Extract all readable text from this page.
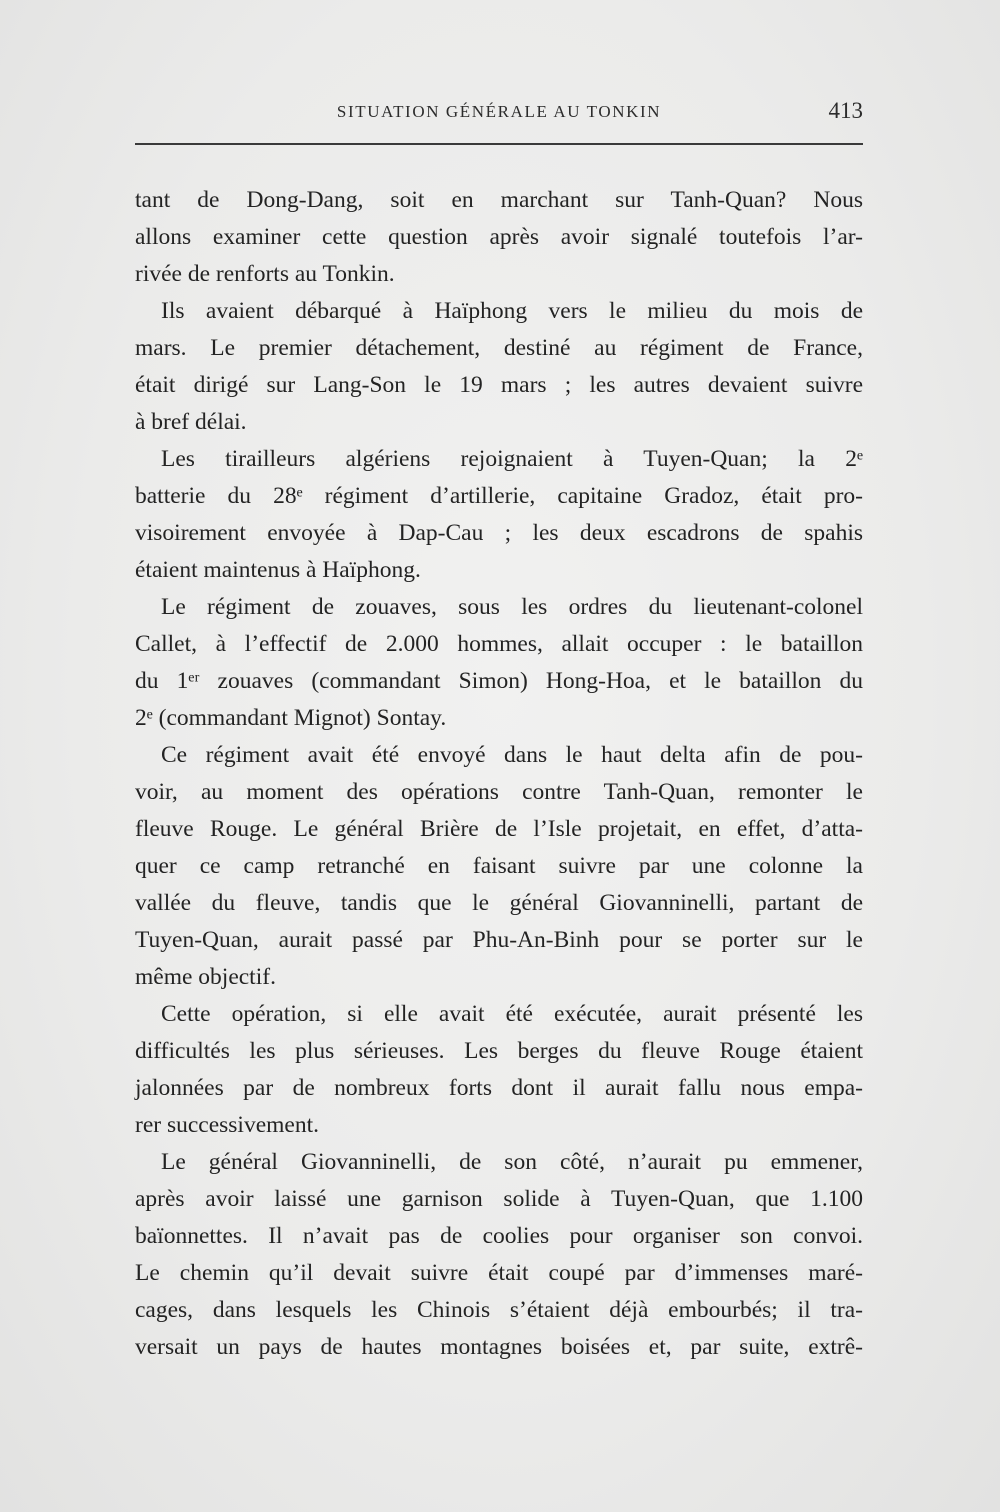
SITUATION GÉNÉRALE AU TONKIN	413
tant de Dong-Dang, soit en marchant sur Tanh-Quan? Nous
allons examiner cette question après avoir signalé toutefois l’ar-
rivée de renforts au Tonkin.
Ils avaient débarqué à Haïphong vers le milieu du mois de
mars. Le premier détachement, destiné au régiment de France,
était dirigé sur Lang-Son le 19 mars ; les autres devaient suivre
à bref délai.
Les tirailleurs algériens rejoignaient à Tuyen-Quan; la 2ᵉ
batterie du 28ᵉ régiment d’artillerie, capitaine Gradoz, était pro-
visoirement envoyée à Dap-Cau ; les deux escadrons de spahis
étaient maintenus à Haïphong.
Le régiment de zouaves, sous les ordres du lieutenant-colonel
Callet, à l’effectif de 2.000 hommes, allait occuper : le bataillon
du 1ᵉʳ zouaves (commandant Simon) Hong-Hoa, et le bataillon du
2ᵉ (commandant Mignot) Sontay.
Ce régiment avait été envoyé dans le haut delta afin de pou-
voir, au moment des opérations contre Tanh-Quan, remonter le
fleuve Rouge. Le général Brière de l’Isle projetait, en effet, d’atta-
quer ce camp retranché en faisant suivre par une colonne la
vallée du fleuve, tandis que le général Giovanninelli, partant de
Tuyen-Quan, aurait passé par Phu-An-Binh pour se porter sur le
même objectif.
Cette opération, si elle avait été exécutée, aurait présenté les
difficultés les plus sérieuses. Les berges du fleuve Rouge étaient
jalonnées par de nombreux forts dont il aurait fallu nous empa-
rer successivement.
Le général Giovanninelli, de son côté, n’aurait pu emmener,
après avoir laissé une garnison solide à Tuyen-Quan, que 1.100
baïonnettes. Il n’avait pas de coolies pour organiser son convoi.
Le chemin qu’il devait suivre était coupé par d’immenses maré-
cages, dans lesquels les Chinois s’étaient déjà embourbés; il tra-
versait un pays de hautes montagnes boisées et, par suite, extrê-
